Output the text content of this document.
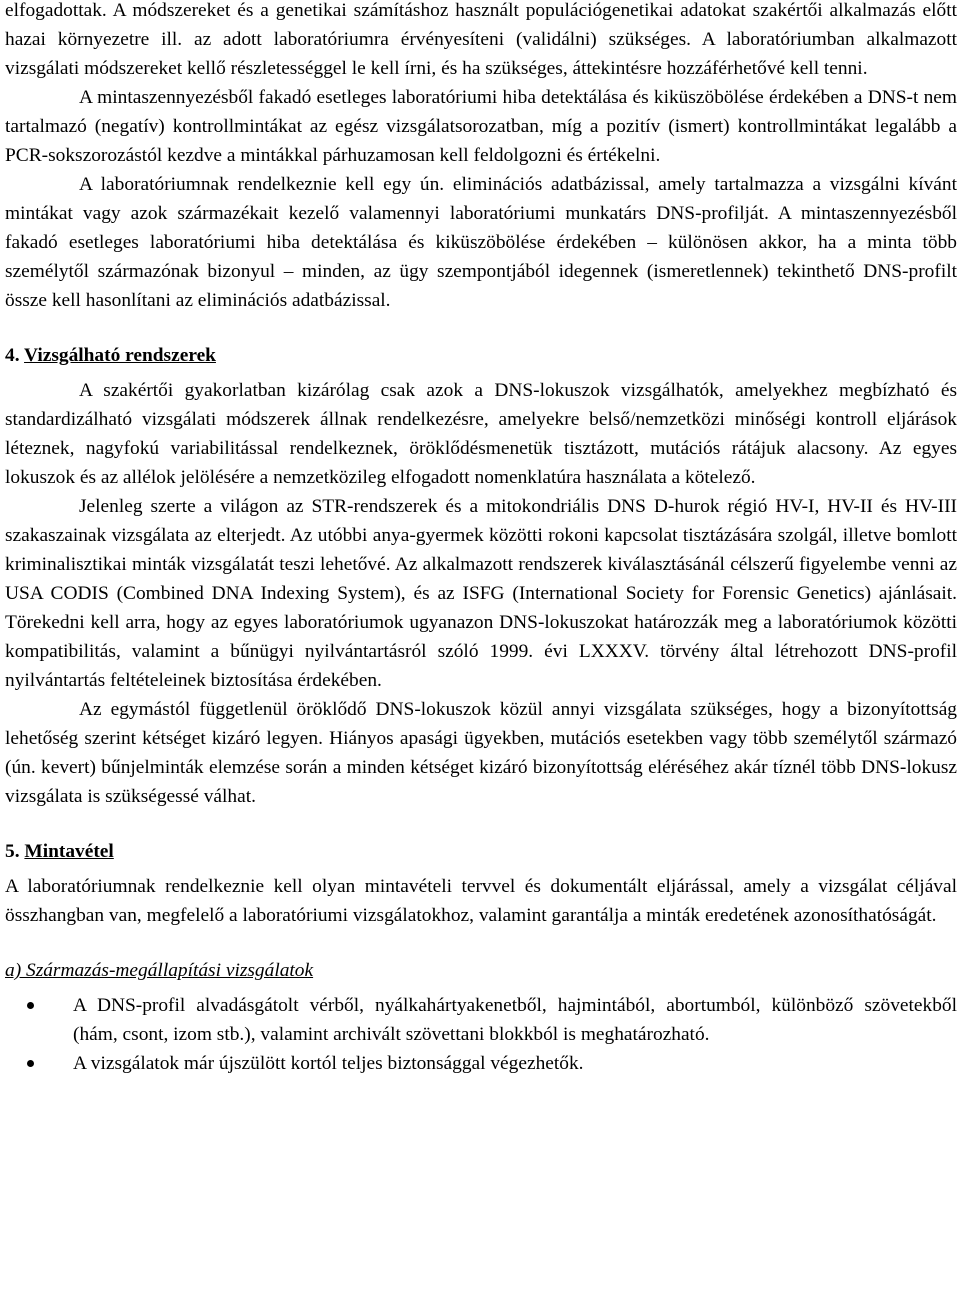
elfogadottak. A módszereket és a genetikai számításhoz használt populációgenetikai adatokat szakértői alkalmazás előtt hazai környezetre ill. az adott laboratóriumra érvényesíteni (validálni) szükséges. A laboratóriumban alkalmazott vizsgálati módszereket kellő részletességgel le kell írni, és ha szükséges, áttekintésre hozzáférhetővé kell tenni.

A mintaszennyezésből fakadó esetleges laboratóriumi hiba detektálása és kiküszöbölése érdekében a DNS-t nem tartalmazó (negatív) kontrollmintákat az egész vizsgálatsorozatban, míg a pozitív (ismert) kontrollmintákat legalább a PCR-sokszorozástól kezdve a mintákkal párhuzamosan kell feldolgozni és értékelni.

A laboratóriumnak rendelkeznie kell egy ún. eliminációs adatbázissal, amely tartalmazza a vizsgálni kívánt mintákat vagy azok származékait kezelő valamennyi laboratóriumi munkatárs DNS-profilját. A mintaszennyezésből fakadó esetleges laboratóriumi hiba detektálása és kiküszöbölése érdekében – különösen akkor, ha a minta több személytől származónak bizonyul – minden, az ügy szempontjából idegennek (ismeretlennek) tekinthető DNS-profilt össze kell hasonlítani az eliminációs adatbázissal.

4. Vizsgálható rendszerek

A szakértői gyakorlatban kizárólag csak azok a DNS-lokuszok vizsgálhatók, amelyekhez megbízható és standardizálható vizsgálati módszerek állnak rendelkezésre, amelyekre belső/nemzetközi minőségi kontroll eljárások léteznek, nagyfokú variabilitással rendelkeznek, öröklődésmenetük tisztázott, mutációs rátájuk alacsony. Az egyes lokuszok és az allélok jelölésére a nemzetközileg elfogadott nomenklatúra használata a kötelező.

Jelenleg szerte a világon az STR-rendszerek és a mitokondriális DNS D-hurok régió HV-I, HV-II és HV-III szakaszainak vizsgálata az elterjedt. Az utóbbi anya-gyermek közötti rokoni kapcsolat tisztázására szolgál, illetve bomlott kriminalisztikai minták vizsgálatát teszi lehetővé. Az alkalmazott rendszerek kiválasztásánál célszerű figyelembe venni az USA CODIS (Combined DNA Indexing System), és az ISFG (International Society for Forensic Genetics) ajánlásait. Törekedni kell arra, hogy az egyes laboratóriumok ugyanazon DNS-lokuszokat határozzák meg a laboratóriumok közötti kompatibilitás, valamint a bűnügyi nyilvántartásról szóló 1999. évi LXXXV. törvény által létrehozott DNS-profil nyilvántartás feltételeinek biztosítása érdekében.

Az egymástól függetlenül öröklődő DNS-lokuszok közül annyi vizsgálata szükséges, hogy a bizonyítottság lehetőség szerint kétséget kizáró legyen. Hiányos apasági ügyekben, mutációs esetekben vagy több személytől származó (ún. kevert) bűnjelminták elemzése során a minden kétséget kizáró bizonyítottság eléréséhez akár tíznél több DNS-lokusz vizsgálata is szükségessé válhat.

5. Mintavétel

A laboratóriumnak rendelkeznie kell olyan mintavételi tervvel és dokumentált eljárással, amely a vizsgálat céljával összhangban van, megfelelő a laboratóriumi vizsgálatokhoz, valamint garantálja a minták eredetének azonosíthatóságát.

a) Származás-megállapítási vizsgálatok
A DNS-profil alvadásgátolt vérből, nyálkahártyakenetből, hajmintából, abortumból, különböző szövetekből (hám, csont, izom stb.), valamint archivált szövettani blokkból is meghatározható.
A vizsgálatok már újszülött kortól teljes biztonsággal végezhetők.
